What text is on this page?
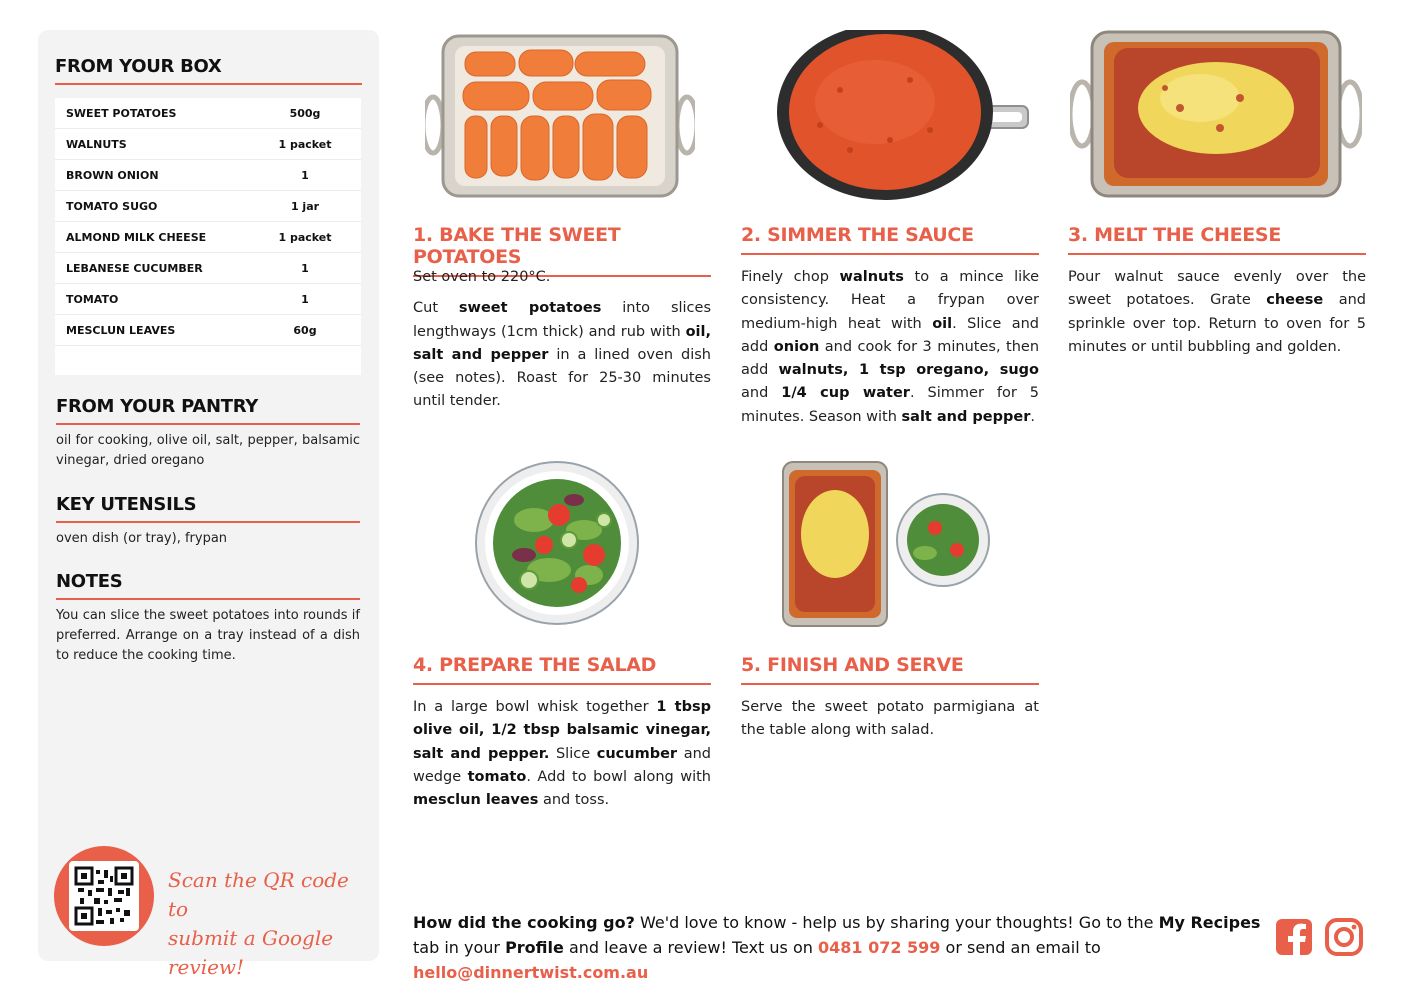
FROM YOUR BOX
SWEET POTATOES	500g
WALNUTS	1 packet
BROWN ONION	1
TOMATO SUGO	1 jar
ALMOND MILK CHEESE	1 packet
LEBANESE CUCUMBER	1
TOMATO	1
MESCLUN LEAVES	60g
FROM YOUR PANTRY

oil for cooking, olive oil, salt, pepper, balsamic vinegar, dried oregano

KEY UTENSILS

oven dish (or tray), frypan

NOTES

You can slice the sweet potatoes into rounds if preferred. Arrange on a tray instead of a dish to reduce the cooking time.

Scan the QR code to
submit a Google review!
1. BAKE THE SWEET POTATOES

Set oven to 220°C.

Cut sweet potatoes into slices lengthways (1cm thick) and rub with oil, salt and pepper in a lined oven dish (see notes). Roast for 25-30 minutes until tender.

2. SIMMER THE SAUCE

Finely chop walnuts to a mince like consistency. Heat a frypan over medium-high heat with oil. Slice and add onion and cook for 3 minutes, then add walnuts, 1 tsp oregano, sugo and 1/4 cup water. Simmer for 5 minutes. Season with salt and pepper.

3. MELT THE CHEESE

Pour walnut sauce evenly over the sweet potatoes. Grate cheese and sprinkle over top. Return to oven for 5 minutes or until bubbling and golden.

4. PREPARE THE SALAD

In a large bowl whisk together 1 tbsp olive oil, 1/2 tbsp balsamic vinegar, salt and pepper. Slice cucumber and wedge tomato. Add to bowl along with mesclun leaves and toss.

5. FINISH AND SERVE

Serve the sweet potato parmigiana at the table along with salad.

How did the cooking go? We'd love to know - help us by sharing your thoughts! Go to the My Recipes tab in your Profile and leave a review! Text us on 0481 072 599 or send an email to hello@dinnertwist.com.au
